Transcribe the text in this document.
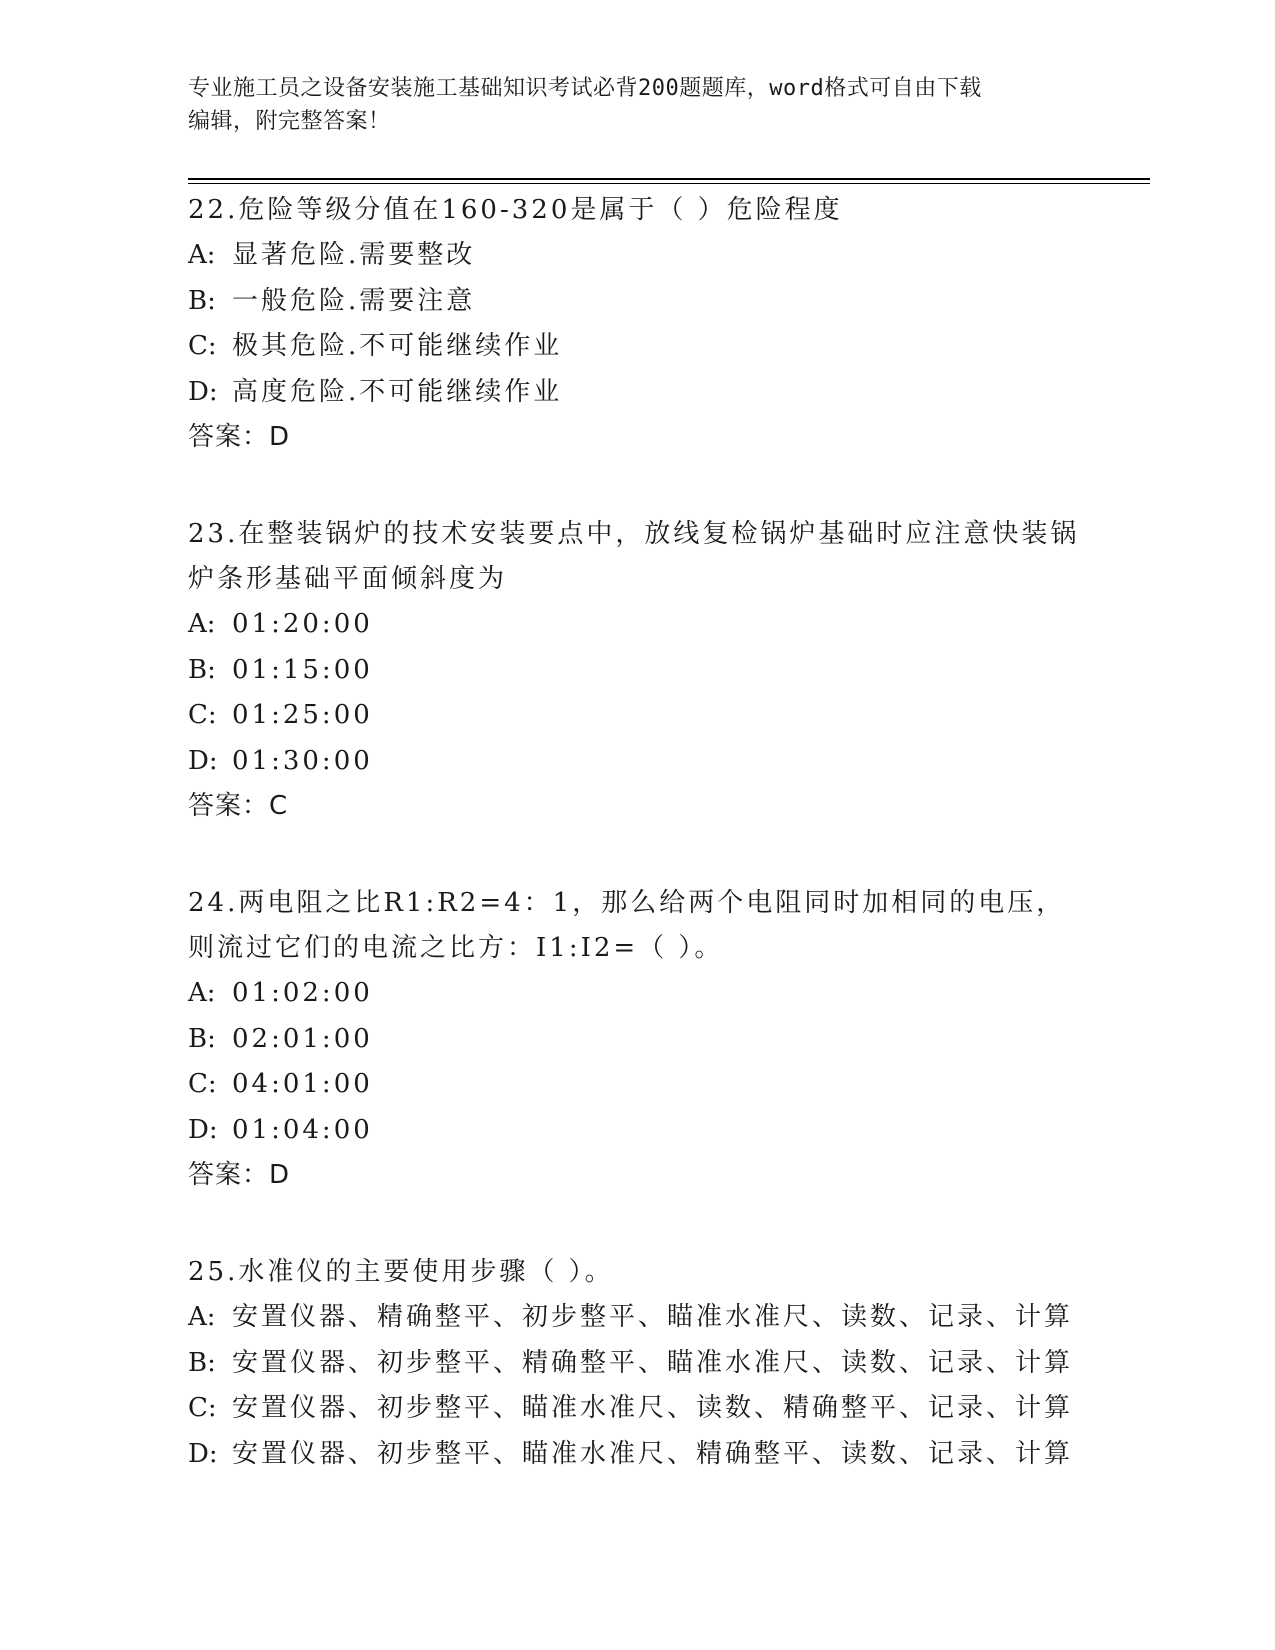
专业施工员之设备安装施工基础知识考试必背200题题库，word格式可自由下载
编辑，附完整答案！
22.危险等级分值在160-320是属于（ ）危险程度
A: 显著危险.需要整改
B: 一般危险.需要注意
C: 极其危险.不可能继续作业
D: 高度危险.不可能继续作业
答案：D
23.在整装锅炉的技术安装要点中，放线复检锅炉基础时应注意快装锅炉条形基础平面倾斜度为
A: 01:20:00
B: 01:15:00
C: 01:25:00
D: 01:30:00
答案：C
24.两电阻之比R1:R2=4：1，那么给两个电阻同时加相同的电压，则流过它们的电流之比方：I1:I2=（ ）。
A: 01:02:00
B: 02:01:00
C: 04:01:00
D: 01:04:00
答案：D
25.水准仪的主要使用步骤（ ）。
A: 安置仪器、精确整平、初步整平、瞄准水准尺、读数、记录、计算
B: 安置仪器、初步整平、精确整平、瞄准水准尺、读数、记录、计算
C: 安置仪器、初步整平、瞄准水准尺、读数、精确整平、记录、计算
D: 安置仪器、初步整平、瞄准水准尺、精确整平、读数、记录、计算
